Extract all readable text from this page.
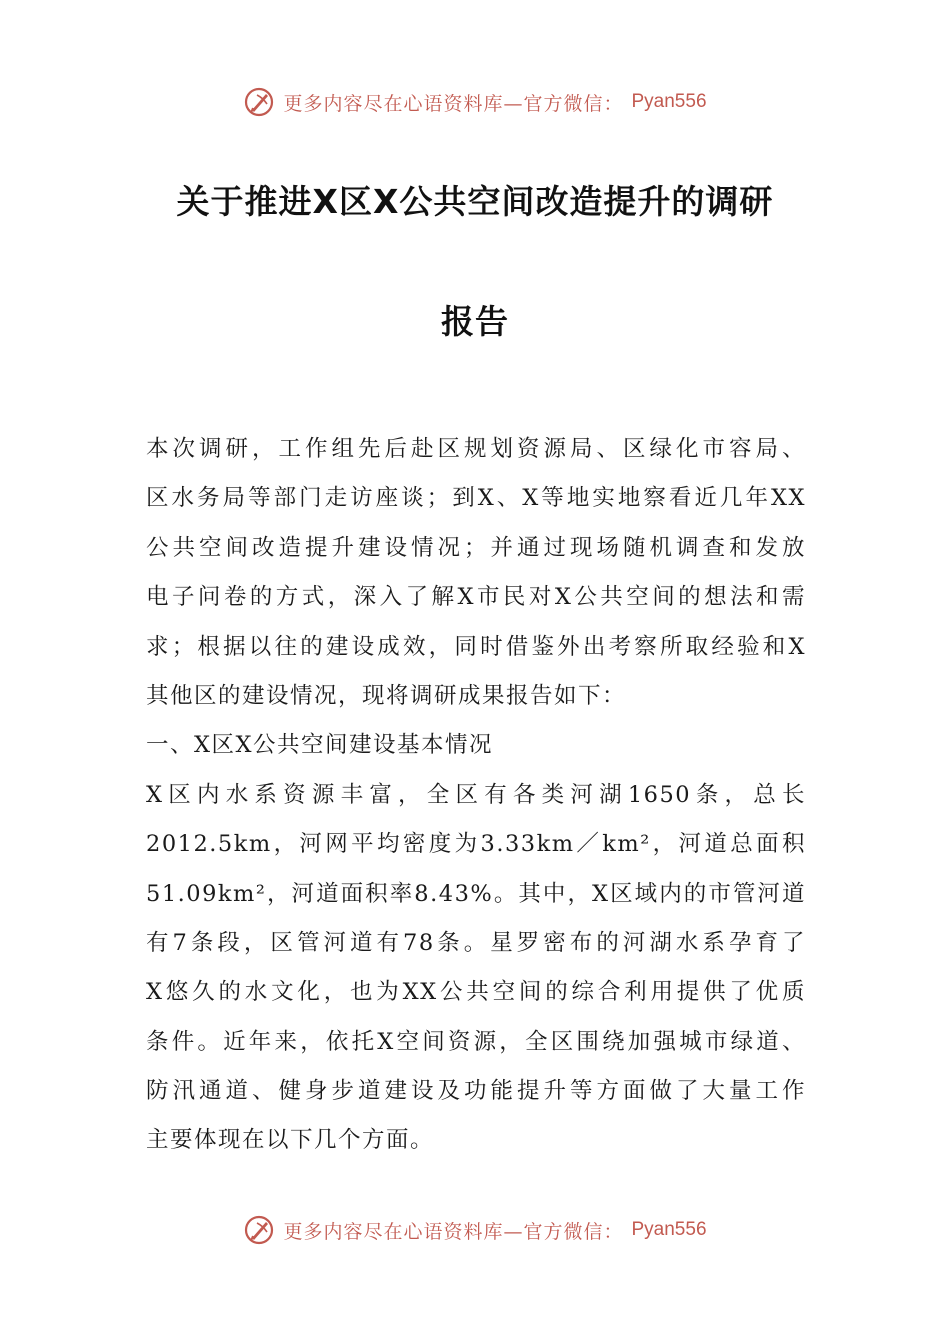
更多内容尽在心语资料库—官方微信： Pyan556
关于推进X区X公共空间改造提升的调研
报告
本次调研，工作组先后赴区规划资源局、区绿化市容局、
区水务局等部门走访座谈；到X、X等地实地察看近几年XX
公共空间改造提升建设情况；并通过现场随机调查和发放
电子问卷的方式，深入了解X市民对X公共空间的想法和需
求；根据以往的建设成效，同时借鉴外出考察所取经验和X
其他区的建设情况，现将调研成果报告如下：
一、X区X公共空间建设基本情况
X区内水系资源丰富，全区有各类河湖1650条，总长
2012.5km，河网平均密度为3.33km／km²，河道总面积
51.09km²，河道面积率8.43%。其中，X区域内的市管河道
有7条段，区管河道有78条。星罗密布的河湖水系孕育了
X悠久的水文化，也为XX公共空间的综合利用提供了优质
条件。近年来，依托X空间资源，全区围绕加强城市绿道、
防汛通道、健身步道建设及功能提升等方面做了大量工作
主要体现在以下几个方面。
更多内容尽在心语资料库—官方微信： Pyan556
